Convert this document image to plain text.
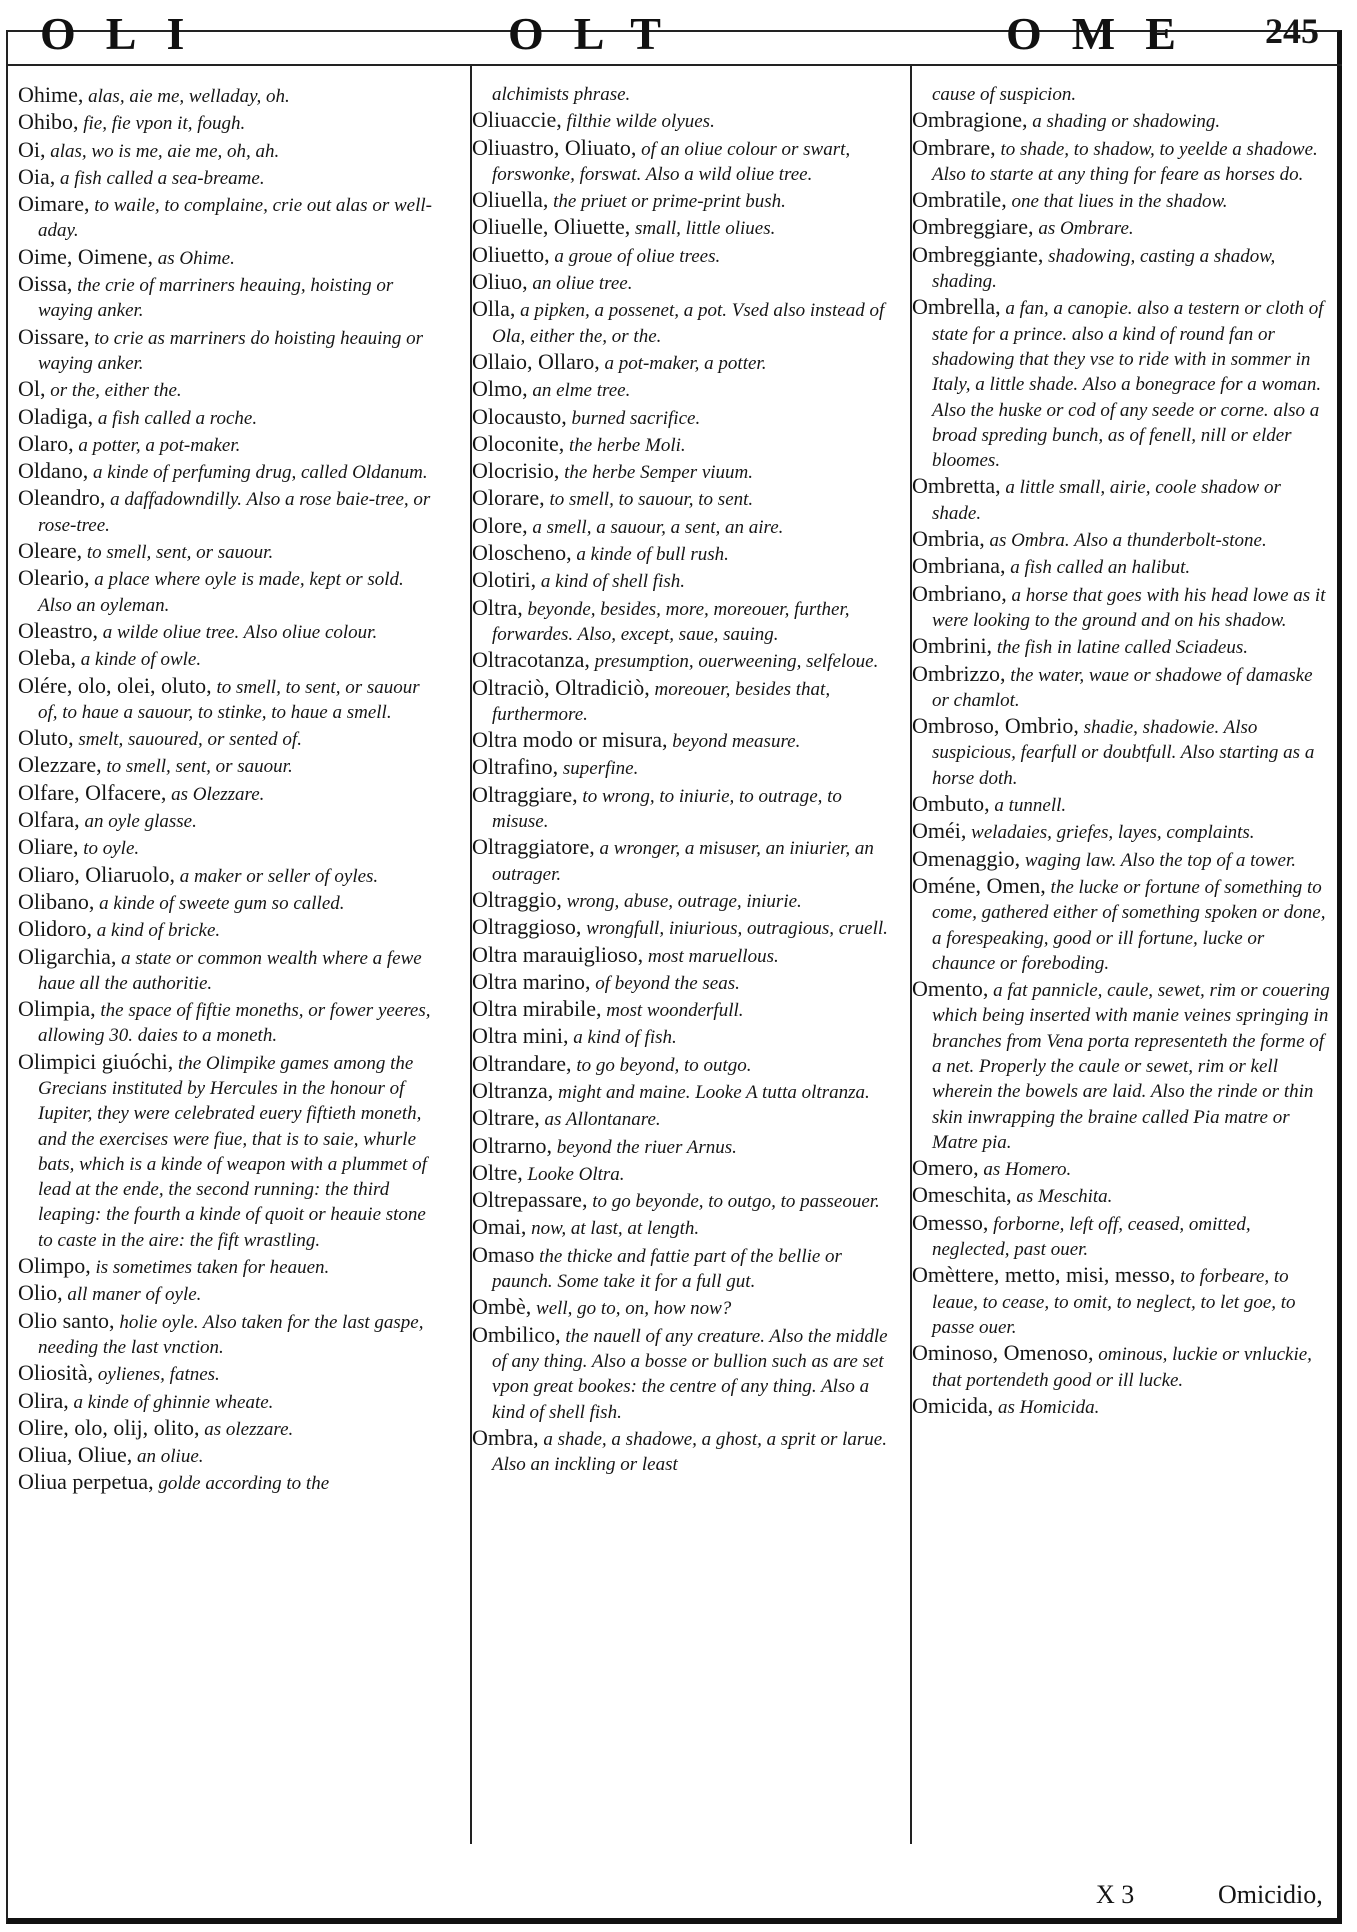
OLI	OLT	OME 245

Ohime, alas, aie me, welladay, oh.

Ohibo, fie, fie vpon it, fough.

Oi, alas, wo is me, aie me, oh, ah.

Oia, a fish called a sea-breame.

Oimare, to waile, to complaine, crie out alas or well-aday.

Oime, Oimene, as Ohime.

Oissa, the crie of marriners heauing, hoisting or waying anker.

Oissare, to crie as marriners do hoisting heauing or waying anker.

Ol, or the, either the.

Oladiga, a fish called a roche.

Olaro, a potter, a pot-maker.

Oldano, a kinde of perfuming drug, called Oldanum.

Oleandro, a daffadowndilly. Also a rose baie-tree, or rose-tree.

Oleare, to smell, sent, or sauour.

Oleario, a place where oyle is made, kept or sold. Also an oyleman.

Oleastro, a wilde oliue tree. Also oliue colour.

Oleba, a kinde of owle.

Olére, olo, olei, oluto, to smell, to sent, or sauour of, to haue a sauour, to stinke, to haue a smell.

Oluto, smelt, sauoured, or sented of.

Olezzare, to smell, sent, or sauour.

Olfare, Olfacere, as Olezzare.

Olfara, an oyle glasse.

Oliare, to oyle.

Oliaro, Oliaruolo, a maker or seller of oyles.

Olibano, a kinde of sweete gum so called.

Olidoro, a kind of bricke.

Oligarchia, a state or common wealth where a fewe haue all the authoritie.

Olimpia, the space of fiftie moneths, or fower yeeres, allowing 30. daies to a moneth.

Olimpici giuóchi, the Olimpike games among the Grecians instituted by Hercules in the honour of Iupiter, they were celebrated euery fiftieth moneth, and the exercises were fiue, that is to saie, whurle bats, which is a kinde of weapon with a plummet of lead at the ende, the second running: the third leaping: the fourth a kinde of quoit or heauie stone to caste in the aire: the fift wrastling.

Olimpo, is sometimes taken for heauen.

Olio, all maner of oyle.

Olio santo, holie oyle. Also taken for the last gaspe, needing the last vnction.

Oliosità, oylienes, fatnes.

Olira, a kinde of ghinnie wheate.

Olire, olo, olij, olito, as olezzare.

Oliua, Oliue, an oliue.

Oliua perpetua, golde according to the

alchimists phrase.

Oliuaccie, filthie wilde olyues.

Oliuastro, Oliuato, of an oliue colour or swart, forswonke, forswat. Also a wild oliue tree.

Oliuella, the priuet or prime-print bush.

Oliuelle, Oliuette, small, little oliues.

Oliuetto, a groue of oliue trees.

Oliuo, an oliue tree.

Olla, a pipken, a possenet, a pot. Vsed also instead of Ola, either the, or the.

Ollaio, Ollaro, a pot-maker, a potter.

Olmo, an elme tree.

Olocausto, burned sacrifice.

Oloconite, the herbe Moli.

Olocrisio, the herbe Semper viuum.

Olorare, to smell, to sauour, to sent.

Olore, a smell, a sauour, a sent, an aire.

Oloscheno, a kinde of bull rush.

Olotiri, a kind of shell fish.

Oltra, beyonde, besides, more, moreouer, further, forwardes. Also, except, saue, sauing.

Oltracotanza, presumption, ouerweening, selfeloue.

Oltraciò, Oltradiciò, moreouer, besides that, furthermore.

Oltra modo or misura, beyond measure.

Oltrafino, superfine.

Oltraggiare, to wrong, to iniurie, to outrage, to misuse.

Oltraggiatore, a wronger, a misuser, an iniurier, an outrager.

Oltraggio, wrong, abuse, outrage, iniurie.

Oltraggioso, wrongfull, iniurious, outragious, cruell.

Oltra marauiglioso, most maruellous.

Oltra marino, of beyond the seas.

Oltra mirabile, most woonderfull.

Oltra mini, a kind of fish.

Oltrandare, to go beyond, to outgo.

Oltranza, might and maine. Looke A tutta oltranza.

Oltrare, as Allontanare.

Oltrarno, beyond the riuer Arnus.

Oltre, Looke Oltra.

Oltrepassare, to go beyonde, to outgo, to passeouer.

Omai, now, at last, at length.

Omaso the thicke and fattie part of the bellie or paunch. Some take it for a full gut.

Ombè, well, go to, on, how now?

Ombilico, the nauell of any creature. Also the middle of any thing. Also a bosse or bullion such as are set vpon great bookes: the centre of any thing. Also a kind of shell fish.

Ombra, a shade, a shadowe, a ghost, a sprit or larue. Also an inckling or least

cause of suspicion.

Ombragione, a shading or shadowing.

Ombrare, to shade, to shadow, to yeelde a shadowe. Also to starte at any thing for feare as horses do.

Ombratile, one that liues in the shadow.

Ombreggiare, as Ombrare.

Ombreggiante, shadowing, casting a shadow, shading.

Ombrella, a fan, a canopie. also a testern or cloth of state for a prince. also a kind of round fan or shadowing that they vse to ride with in sommer in Italy, a little shade. Also a bonegrace for a woman. Also the huske or cod of any seede or corne. also a broad spreding bunch, as of fenell, nill or elder bloomes.

Ombretta, a little small, airie, coole shadow or shade.

Ombria, as Ombra. Also a thunderbolt-stone.

Ombriana, a fish called an halibut.

Ombriano, a horse that goes with his head lowe as it were looking to the ground and on his shadow.

Ombrini, the fish in latine called Sciadeus.

Ombrizzo, the water, waue or shadowe of damaske or chamlot.

Ombroso, Ombrio, shadie, shadowie. Also suspicious, fearfull or doubtfull. Also starting as a horse doth.

Ombuto, a tunnell.

Oméi, weladaies, griefes, layes, complaints.

Omenaggio, waging law. Also the top of a tower.

Oméne, Omen, the lucke or fortune of something to come, gathered either of something spoken or done, a forespeaking, good or ill fortune, lucke or chaunce or foreboding.

Omento, a fat pannicle, caule, sewet, rim or couering which being inserted with manie veines springing in branches from Vena porta representeth the forme of a net. Properly the caule or sewet, rim or kell wherein the bowels are laid. Also the rinde or thin skin inwrapping the braine called Pia matre or Matre pia.

Omero, as Homero.

Omeschita, as Meschita.

Omesso, forborne, left off, ceased, omitted, neglected, past ouer.

Omèttere, metto, misi, messo, to forbeare, to leaue, to cease, to omit, to neglect, to let goe, to passe ouer.

Ominoso, Omenoso, ominous, luckie or vnluckie, that portendeth good or ill lucke.

Omicida, as Homicida.

X 3	Omicidio,
